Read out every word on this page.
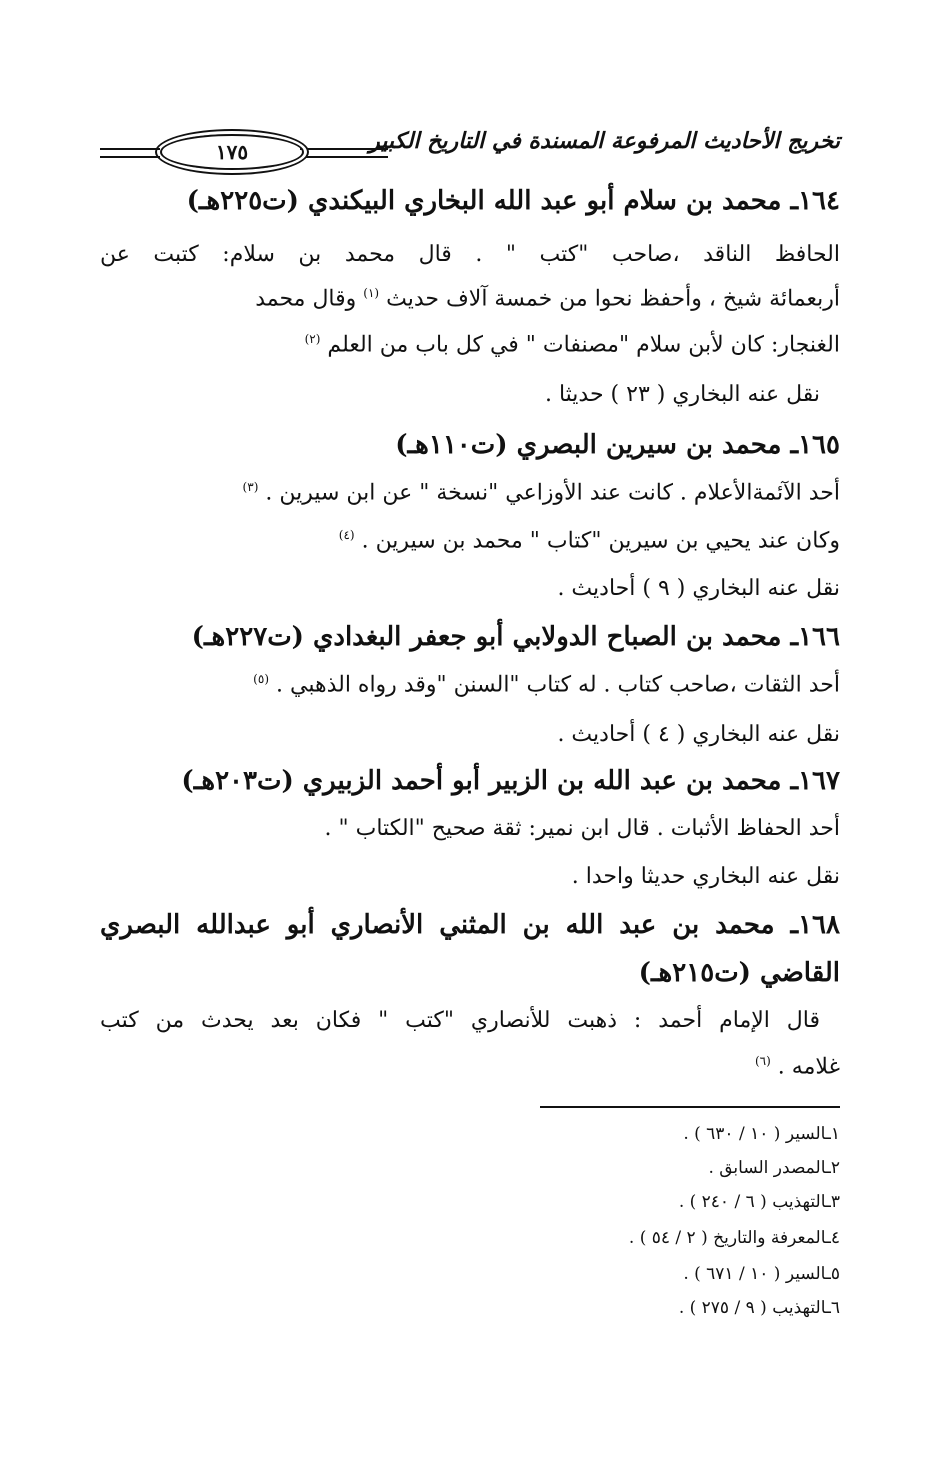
تخريج الأحاديث المرفوعة المسندة في التاريخ الكبير
١٧٥
١٦٤ـ محمد بن سلام أبو عبد الله البخاري البيكندي (ت٢٢٥هـ)
الحافظ الناقد ،صاحب "كتب " . قال محمد بن سلام: كتبت عن
أربعمائة شيخ ، وأحفظ نحوا من خمسة آلاف حديث $^{(١)}$ وقال محمد
الغنجار: كان لأبن سلام "مصنفات " في كل باب من العلم $^{(٢)}$
نقل عنه البخاري ( ٢٣ ) حديثا .
١٦٥ـ محمد بن سيرين البصري (ت١١٠هـ)
أحد الآئمةالأعلام . كانت عند الأوزاعي "نسخة " عن ابن سيرين . $^{(٣)}$
وكان عند يحيي بن سيرين "كتاب " محمد بن سيرين . $^{(٤)}$
نقل عنه البخاري ( ٩ ) أحاديث .
١٦٦ـ محمد بن الصباح الدولابي أبو جعفر البغدادي (ت٢٢٧هـ)
أحد الثقات ،صاحب كتاب . له كتاب "السنن "وقد رواه الذهبي . $^{(٥)}$
نقل عنه البخاري ( ٤ ) أحاديث .
١٦٧ـ محمد بن عبد الله بن الزبير أبو أحمد الزبيري (ت٢٠٣هـ)
أحد الحفاظ الأثبات . قال ابن نمير: ثقة صحيح "الكتاب " .
نقل عنه البخاري حديثا واحدا .
١٦٨ـ محمد بن عبد الله بن المثني الأنصاري أبو عبدالله البصري
القاضي (ت٢١٥هـ)
قال الإمام أحمد : ذهبت للأنصاري "كتب " فكان بعد يحدث من كتب
غلامه . $^{(٦)}$
١ـالسير ( ١٠ / ٦٣٠ ) .
٢ـالمصدر السابق .
٣ـالتهذيب ( ٦ / ٢٤٠ ) .
٤ـالمعرفة والتاريخ ( ٢ / ٥٤ ) .
٥ـالسير ( ١٠ / ٦٧١ ) .
٦ـالتهذيب ( ٩ / ٢٧٥ ) .
